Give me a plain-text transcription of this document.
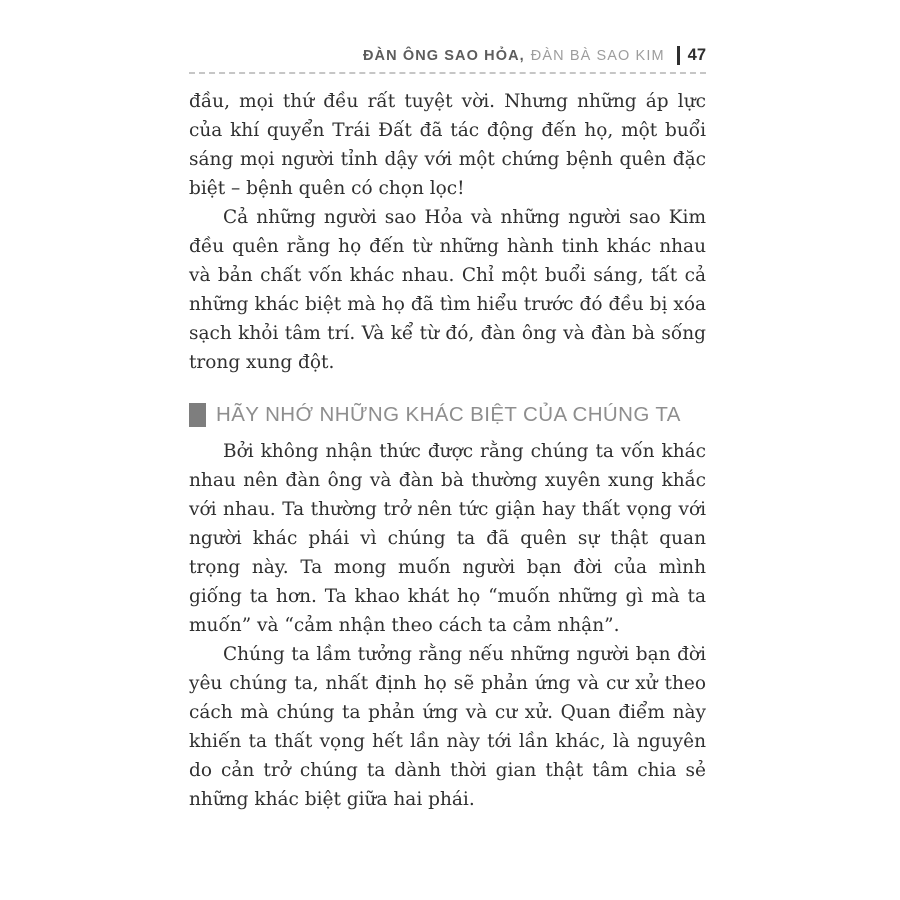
ĐÀN ÔNG SAO HỎA, ĐÀN BÀ SAO KIM	47

đầu, mọi thứ đều rất tuyệt vời. Nhưng những áp lực của khí quyển Trái Đất đã tác động đến họ, một buổi sáng mọi người tỉnh dậy với một chứng bệnh quên đặc biệt – bệnh quên có chọn lọc!

Cả những người sao Hỏa và những người sao Kim đều quên rằng họ đến từ những hành tinh khác nhau và bản chất vốn khác nhau. Chỉ một buổi sáng, tất cả những khác biệt mà họ đã tìm hiểu trước đó đều bị xóa sạch khỏi tâm trí. Và kể từ đó, đàn ông và đàn bà sống trong xung đột.

HÃY NHỚ NHỮNG KHÁC BIỆT CỦA CHÚNG TA

Bởi không nhận thức được rằng chúng ta vốn khác nhau nên đàn ông và đàn bà thường xuyên xung khắc với nhau. Ta thường trở nên tức giận hay thất vọng với người khác phái vì chúng ta đã quên sự thật quan trọng này. Ta mong muốn người bạn đời của mình giống ta hơn. Ta khao khát họ “muốn những gì mà ta muốn” và “cảm nhận theo cách ta cảm nhận”.

Chúng ta lầm tưởng rằng nếu những người bạn đời yêu chúng ta, nhất định họ sẽ phản ứng và cư xử theo cách mà chúng ta phản ứng và cư xử. Quan điểm này khiến ta thất vọng hết lần này tới lần khác, là nguyên do cản trở chúng ta dành thời gian thật tâm chia sẻ những khác biệt giữa hai phái.
